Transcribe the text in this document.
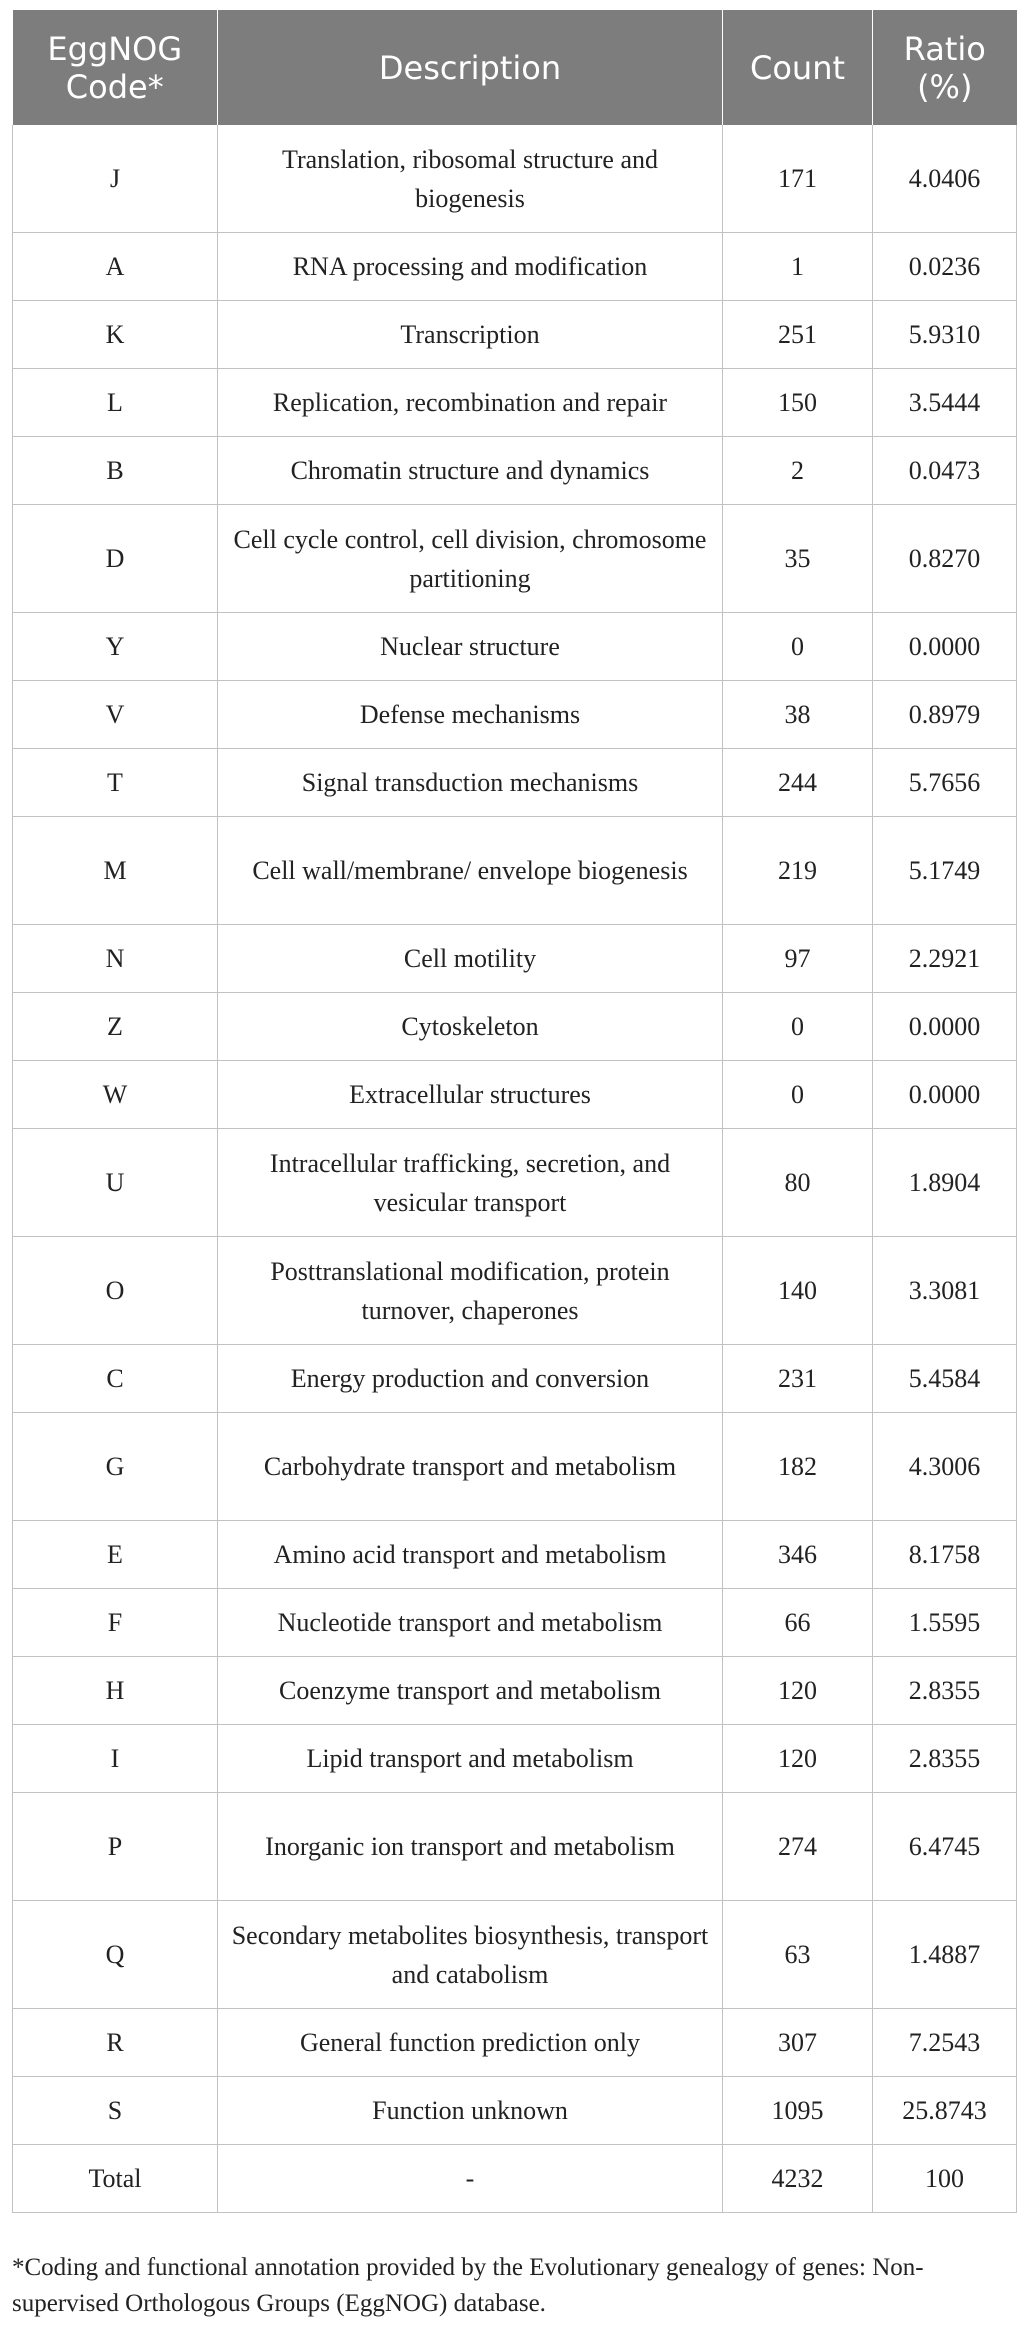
EggNOG Code*	Description	Count	Ratio (%)
J	Translation, ribosomal structure and biogenesis	171	4.0406
A	RNA processing and modification	1	0.0236
K	Transcription	251	5.9310
L	Replication, recombination and repair	150	3.5444
B	Chromatin structure and dynamics	2	0.0473
D	Cell cycle control, cell division, chromosome partitioning	35	0.8270
Y	Nuclear structure	0	0.0000
V	Defense mechanisms	38	0.8979
T	Signal transduction mechanisms	244	5.7656
M	Cell wall/membrane/ envelope biogenesis	219	5.1749
N	Cell motility	97	2.2921
Z	Cytoskeleton	0	0.0000
W	Extracellular structures	0	0.0000
U	Intracellular trafficking, secretion, and vesicular transport	80	1.8904
O	Posttranslational modification, protein turnover, chaperones	140	3.3081
C	Energy production and conversion	231	5.4584
G	Carbohydrate transport and metabolism	182	4.3006
E	Amino acid transport and metabolism	346	8.1758
F	Nucleotide transport and metabolism	66	1.5595
H	Coenzyme transport and metabolism	120	2.8355
I	Lipid transport and metabolism	120	2.8355
P	Inorganic ion transport and metabolism	274	6.4745
Q	Secondary metabolites biosynthesis, transport and catabolism	63	1.4887
R	General function prediction only	307	7.2543
S	Function unknown	1095	25.8743
Total	-	4232	100
*Coding and functional annotation provided by the Evolutionary genealogy of genes: Non-supervised Orthologous Groups (EggNOG) database.
